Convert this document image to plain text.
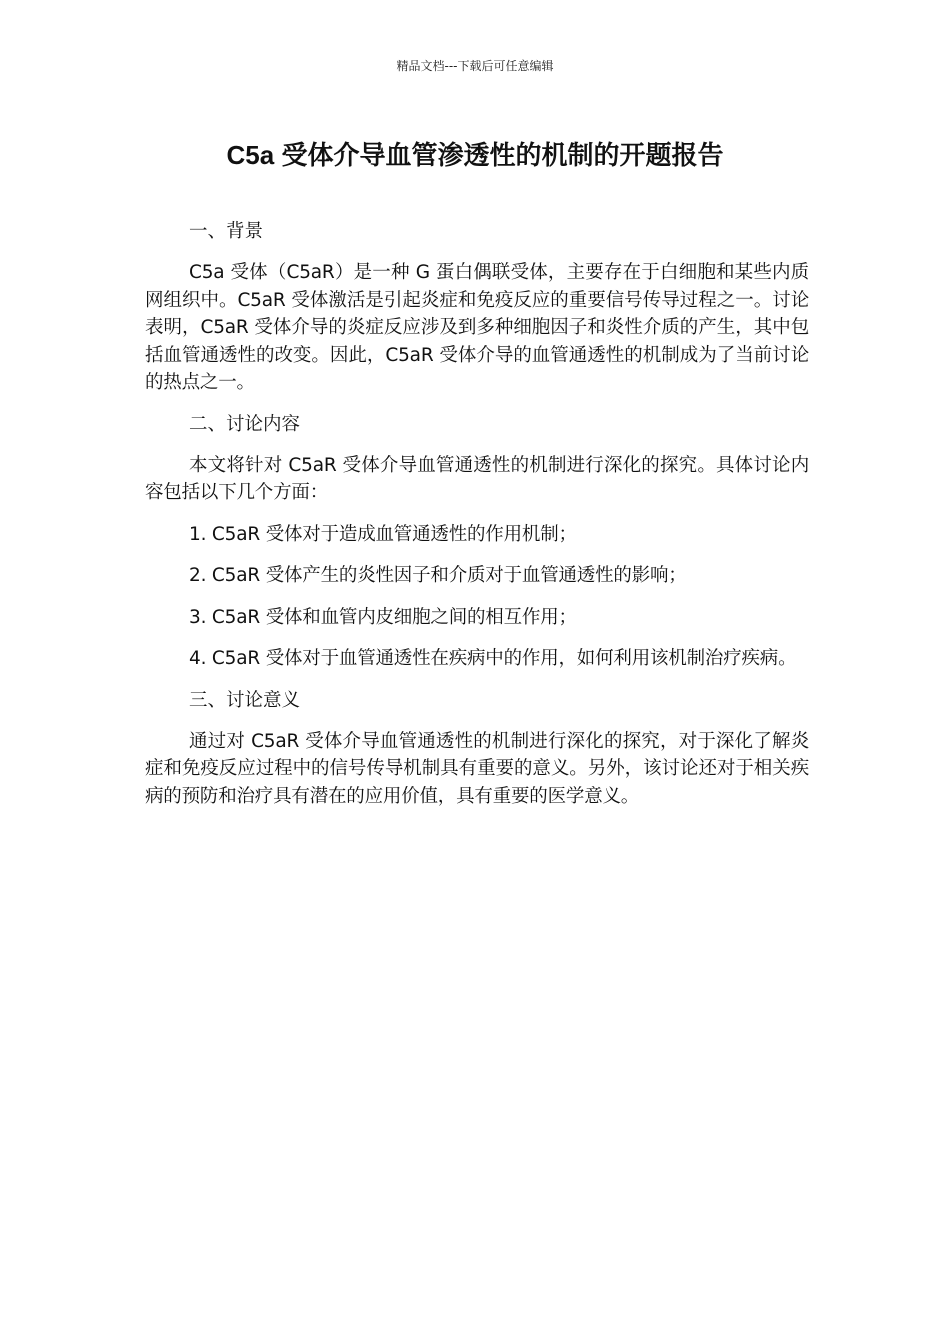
精品文档---下载后可任意编辑
C5a 受体介导血管渗透性的机制的开题报告

一、背景

C5a 受体（C5aR）是一种 G 蛋白偶联受体，主要存在于白细胞和某些内质网组织中。C5aR 受体激活是引起炎症和免疫反应的重要信号传导过程之一。讨论表明，C5aR 受体介导的炎症反应涉及到多种细胞因子和炎性介质的产生，其中包括血管通透性的改变。因此，C5aR 受体介导的血管通透性的机制成为了当前讨论的热点之一。

二、讨论内容

本文将针对 C5aR 受体介导血管通透性的机制进行深化的探究。具体讨论内容包括以下几个方面：

1. C5aR 受体对于造成血管通透性的作用机制；

2. C5aR 受体产生的炎性因子和介质对于血管通透性的影响；

3. C5aR 受体和血管内皮细胞之间的相互作用；

4. C5aR 受体对于血管通透性在疾病中的作用，如何利用该机制治疗疾病。

三、讨论意义

通过对 C5aR 受体介导血管通透性的机制进行深化的探究，对于深化了解炎症和免疫反应过程中的信号传导机制具有重要的意义。另外，该讨论还对于相关疾病的预防和治疗具有潜在的应用价值，具有重要的医学意义。
